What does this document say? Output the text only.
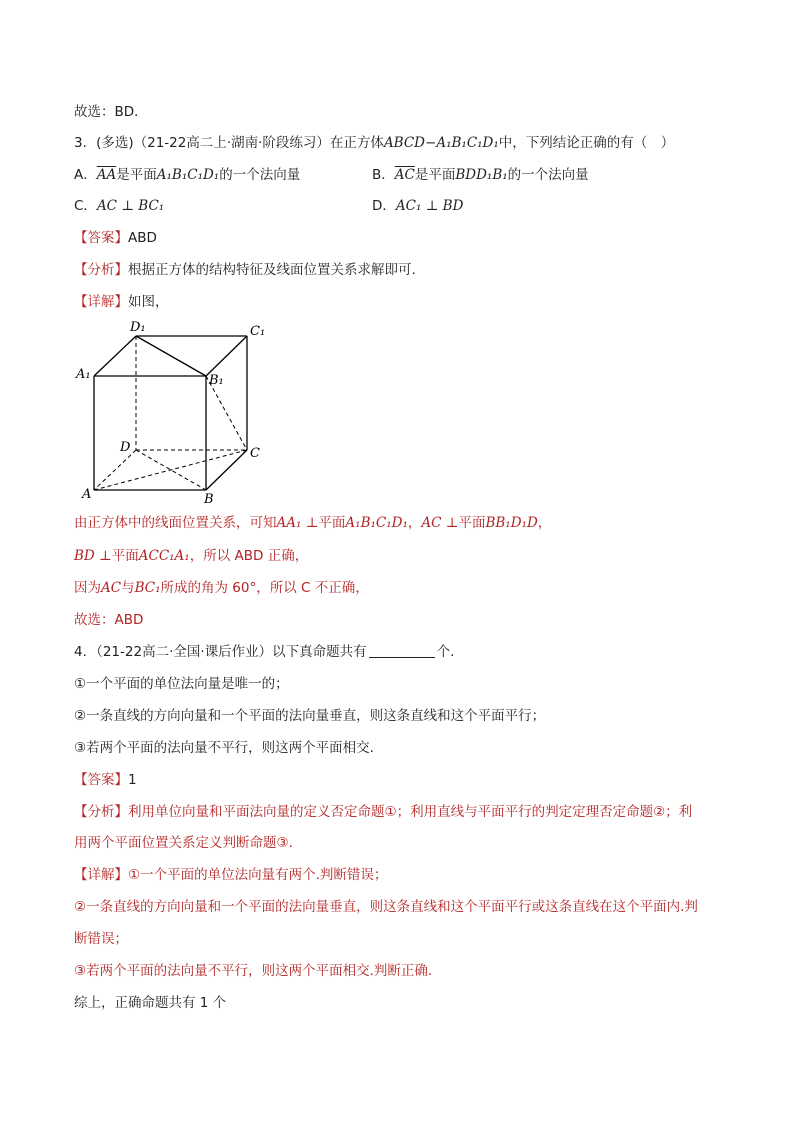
故选：BD．
3．(多选)（21-22高二上·湖南·阶段练习）在正方体ABCD−A₁B₁C₁D₁中，下列结论正确的有（　）
A．$\overline{AA}$是平面A₁B₁C₁D₁的一个法向量	B．$\overline{AC}$是平面BDD₁B₁的一个法向量
C．AC ⊥ BC₁	D．AC₁ ⊥ BD
【答案】ABD
【分析】根据正方体的结构特征及线面位置关系求解即可.
【详解】如图，
D₁	C₁
A₁	B₁
D	C
A	B
由正方体中的线面位置关系，可知AA₁ ⊥平面A₁B₁C₁D₁，AC ⊥平面BB₁D₁D，
BD ⊥平面ACC₁A₁，所以 ABD 正确，
因为AC与BC₁所成的角为 60°，所以 C 不正确，
故选：ABD
4．（21-22高二·全国·课后作业）以下真命题共有	个.
①一个平面的单位法向量是唯一的；
②一条直线的方向向量和一个平面的法向量垂直，则这条直线和这个平面平行；
③若两个平面的法向量不平行，则这两个平面相交.
【答案】1
【分析】利用单位向量和平面法向量的定义否定命题①；利用直线与平面平行的判定定理否定命题②；利
用两个平面位置关系定义判断命题③.
【详解】①一个平面的单位法向量有两个.判断错误；
②一条直线的方向向量和一个平面的法向量垂直，则这条直线和这个平面平行或这条直线在这个平面内.判
断错误；
③若两个平面的法向量不平行，则这两个平面相交.判断正确.
综上，正确命题共有 1 个
